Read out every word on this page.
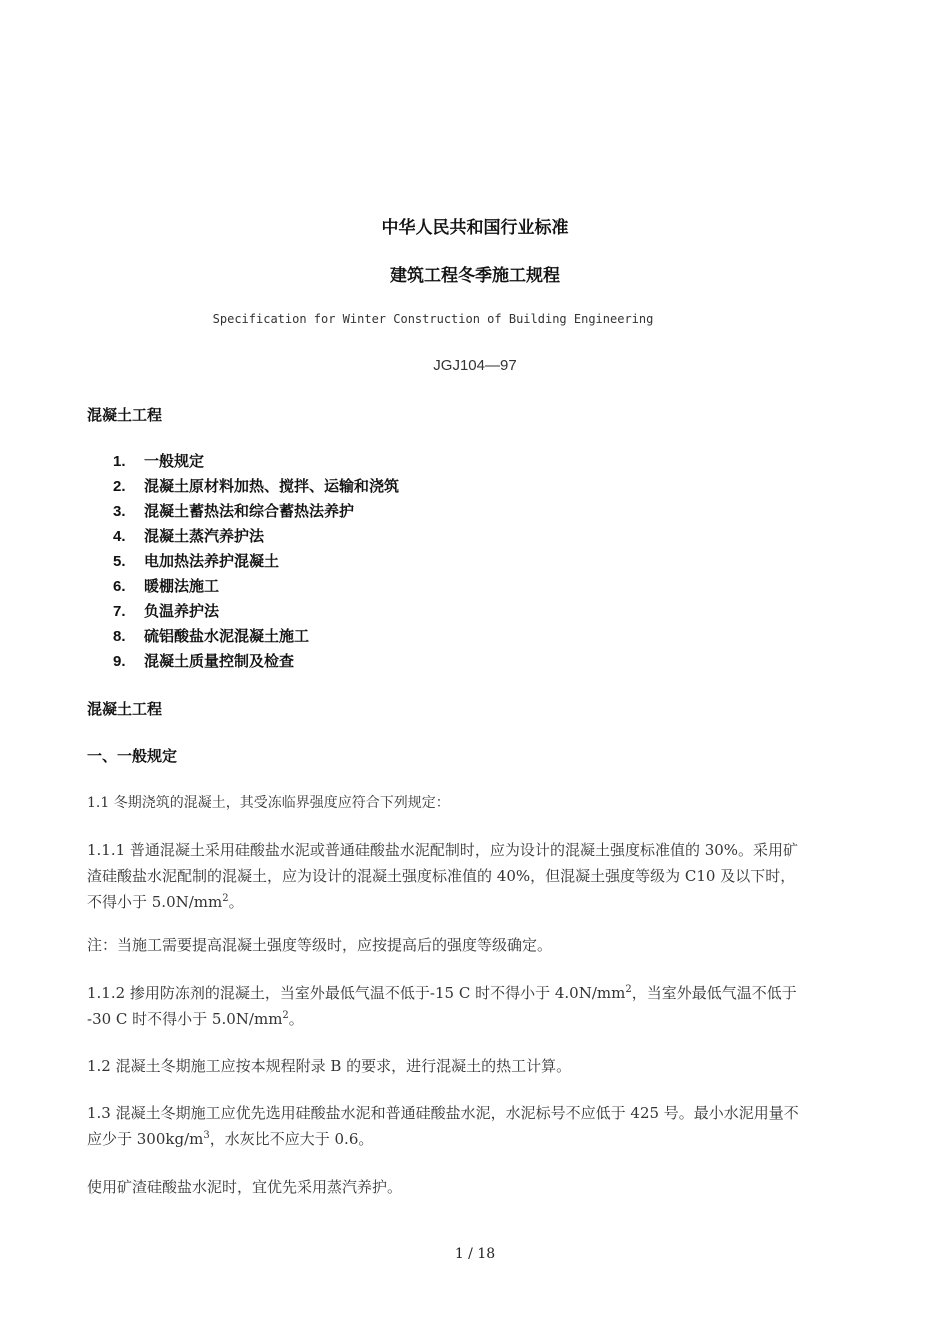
中华人民共和国行业标准
建筑工程冬季施工规程
Specification for Winter Construction of Building Engineering
JGJ104—97
混凝土工程
1. 一般规定
2. 混凝土原材料加热、搅拌、运输和浇筑
3. 混凝土蓄热法和综合蓄热法养护
4. 混凝土蒸汽养护法
5. 电加热法养护混凝土
6. 暖棚法施工
7. 负温养护法
8. 硫铝酸盐水泥混凝土施工
9. 混凝土质量控制及检查
混凝土工程
一、一般规定
1.1 冬期浇筑的混凝土，其受冻临界强度应符合下列规定：
1.1.1 普通混凝土采用硅酸盐水泥或普通硅酸盐水泥配制时，应为设计的混凝土强度标准值的 30%。采用矿
渣硅酸盐水泥配制的混凝土，应为设计的混凝土强度标准值的 40%，但混凝土强度等级为 C10 及以下时，
不得小于 $5.0N/mm^2$。
注：当施工需要提高混凝土强度等级时，应按提高后的强度等级确定。
1.1.2 掺用防冻剂的混凝土，当室外最低气温不低于-15 C 时不得小于 $4.0N/mm^2$，当室外最低气温不低于
-30 C 时不得小于 $5.0N/mm^2$。
1.2 混凝土冬期施工应按本规程附录 B 的要求，进行混凝土的热工计算。
1.3 混凝土冬期施工应优先选用硅酸盐水泥和普通硅酸盐水泥，水泥标号不应低于 425 号。最小水泥用量不
应少于 $300kg/m^3$，水灰比不应大于 0.6。
使用矿渣硅酸盐水泥时，宜优先采用蒸汽养护。
1 / 18
